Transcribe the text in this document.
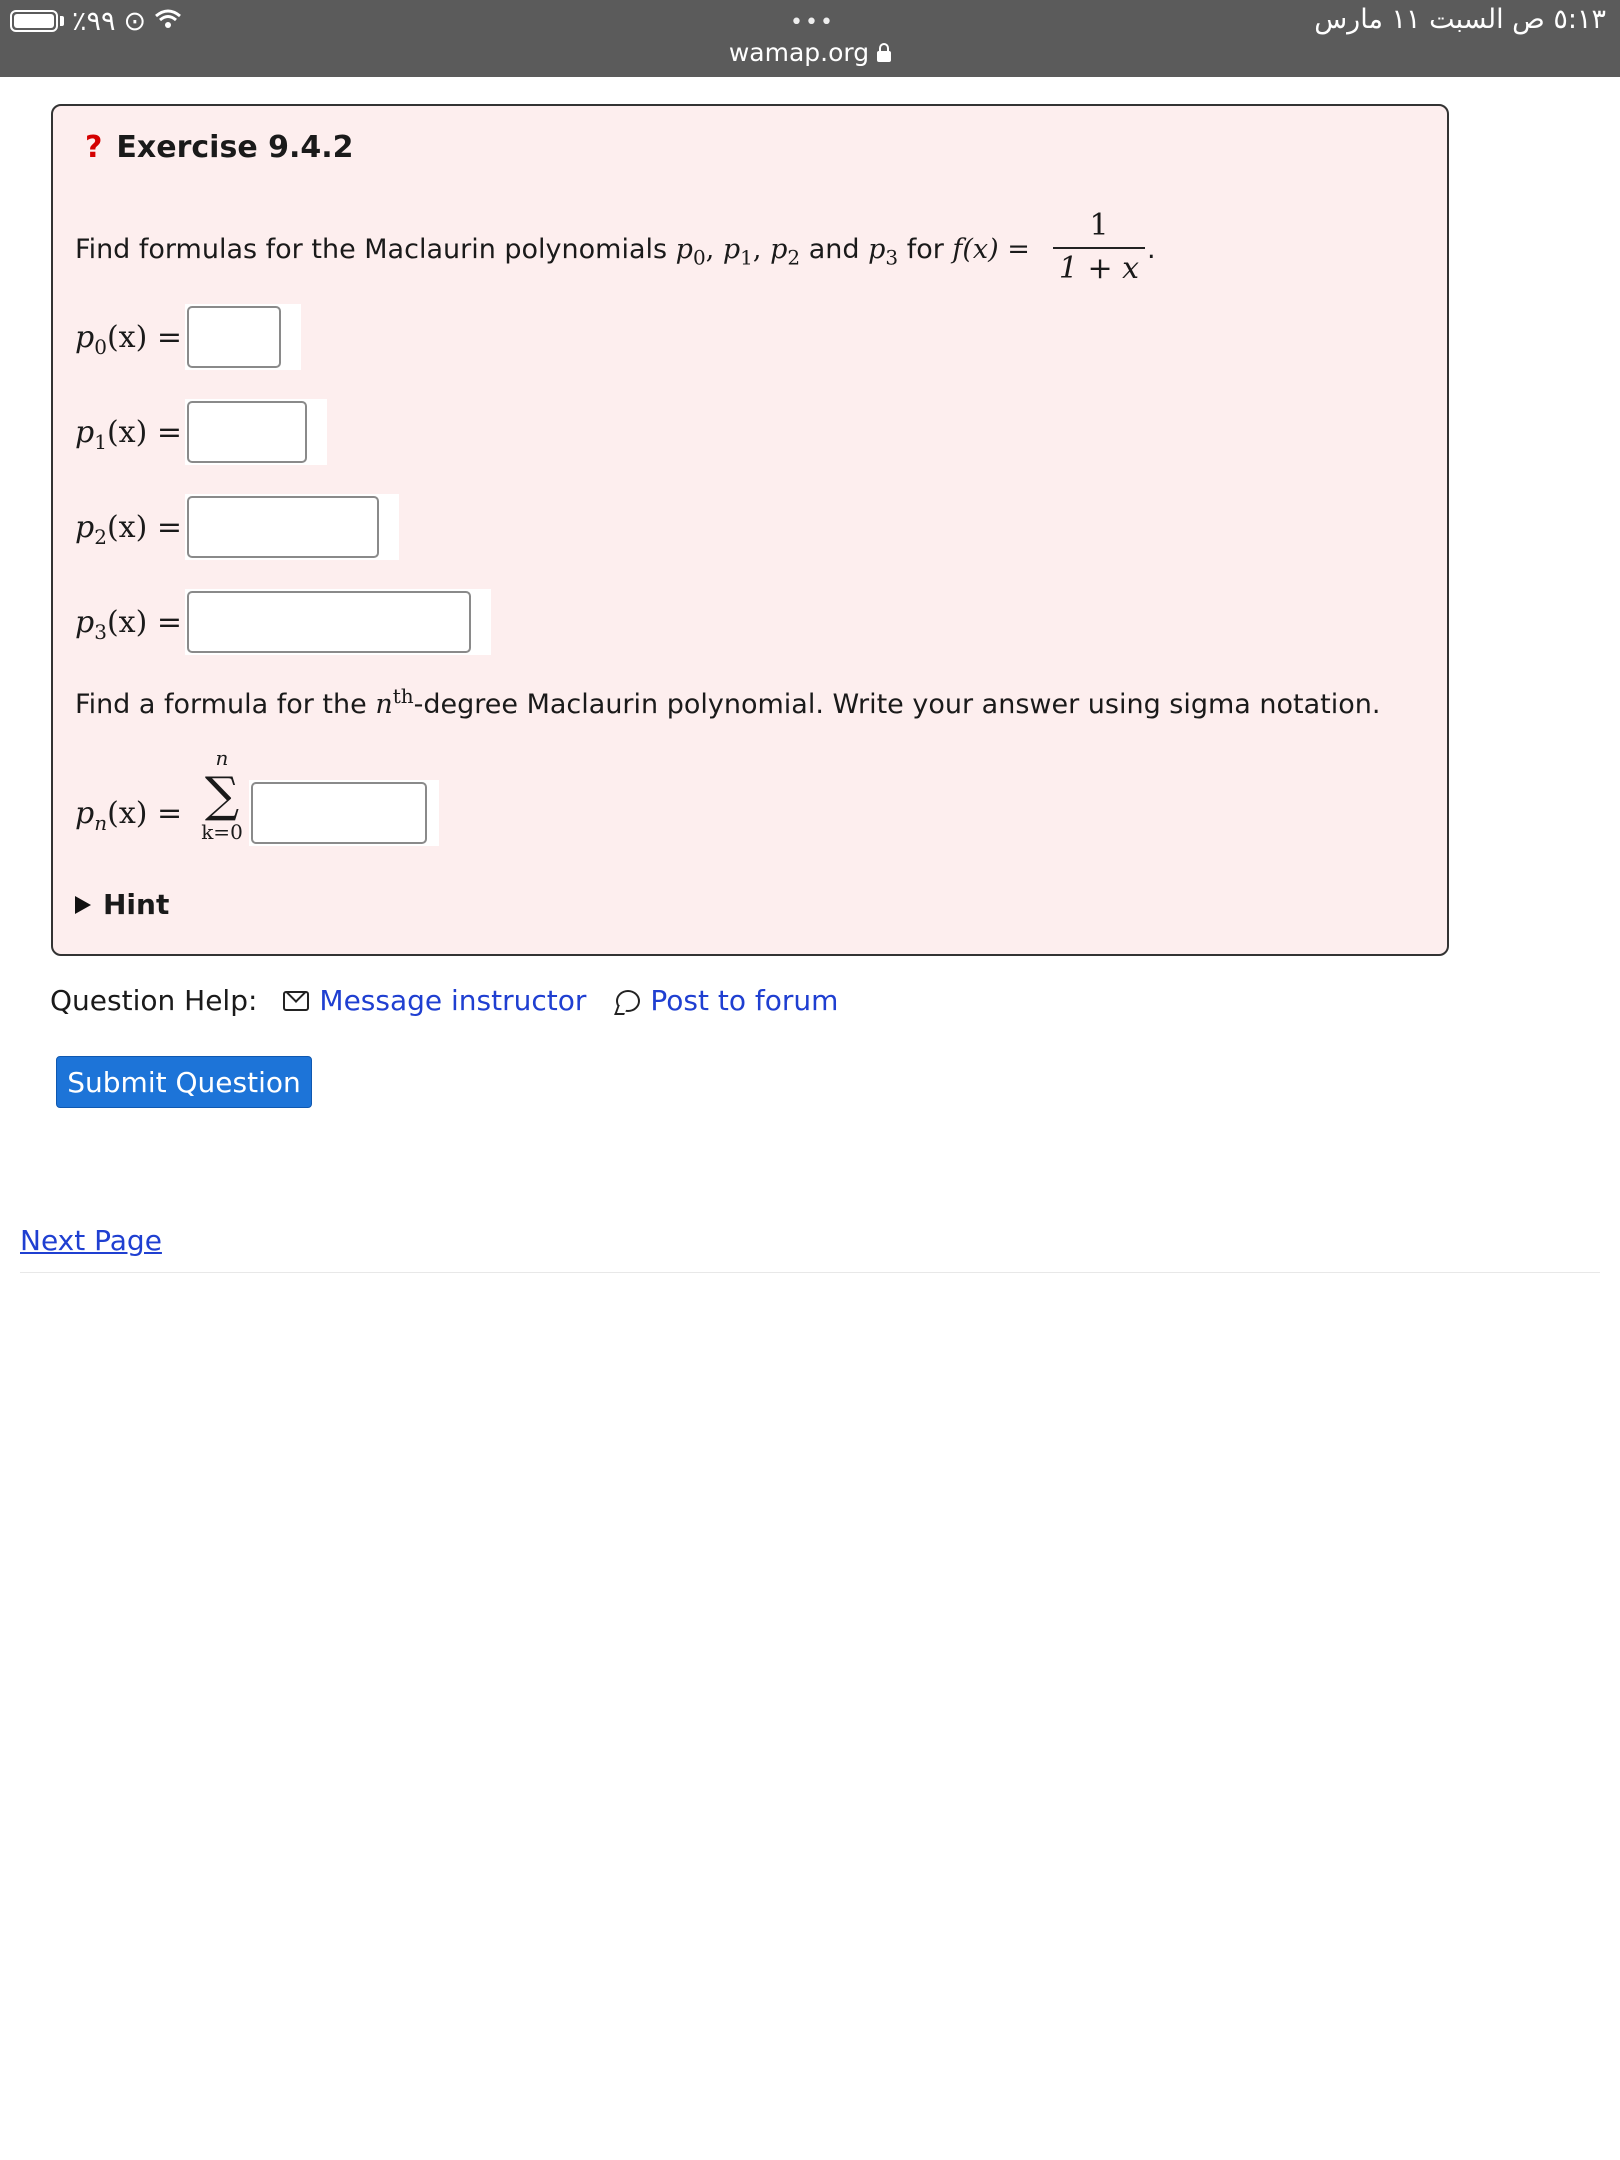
٪٩٩ ⊙	•••	٥:١٣ ص السبت ١١ مارس
wamap.org
? Exercise 9.4.2
Find formulas for the Maclaurin polynomials $p_0$, $p_1$, $p_2$ and $p_3$ for f(x) =
1
1 + x
.
$p_0(x)$ =
$p_1(x)$ =
$p_2(x)$ =
$p_3(x)$ =
Find a formula for the $n^{th}$-degree Maclaurin polynomial. Write your answer using sigma notation.
$p_n(x)$ =
n
∑
k=0
Hint
Question Help: Message instructor Post to forum
Submit Question
Next Page
